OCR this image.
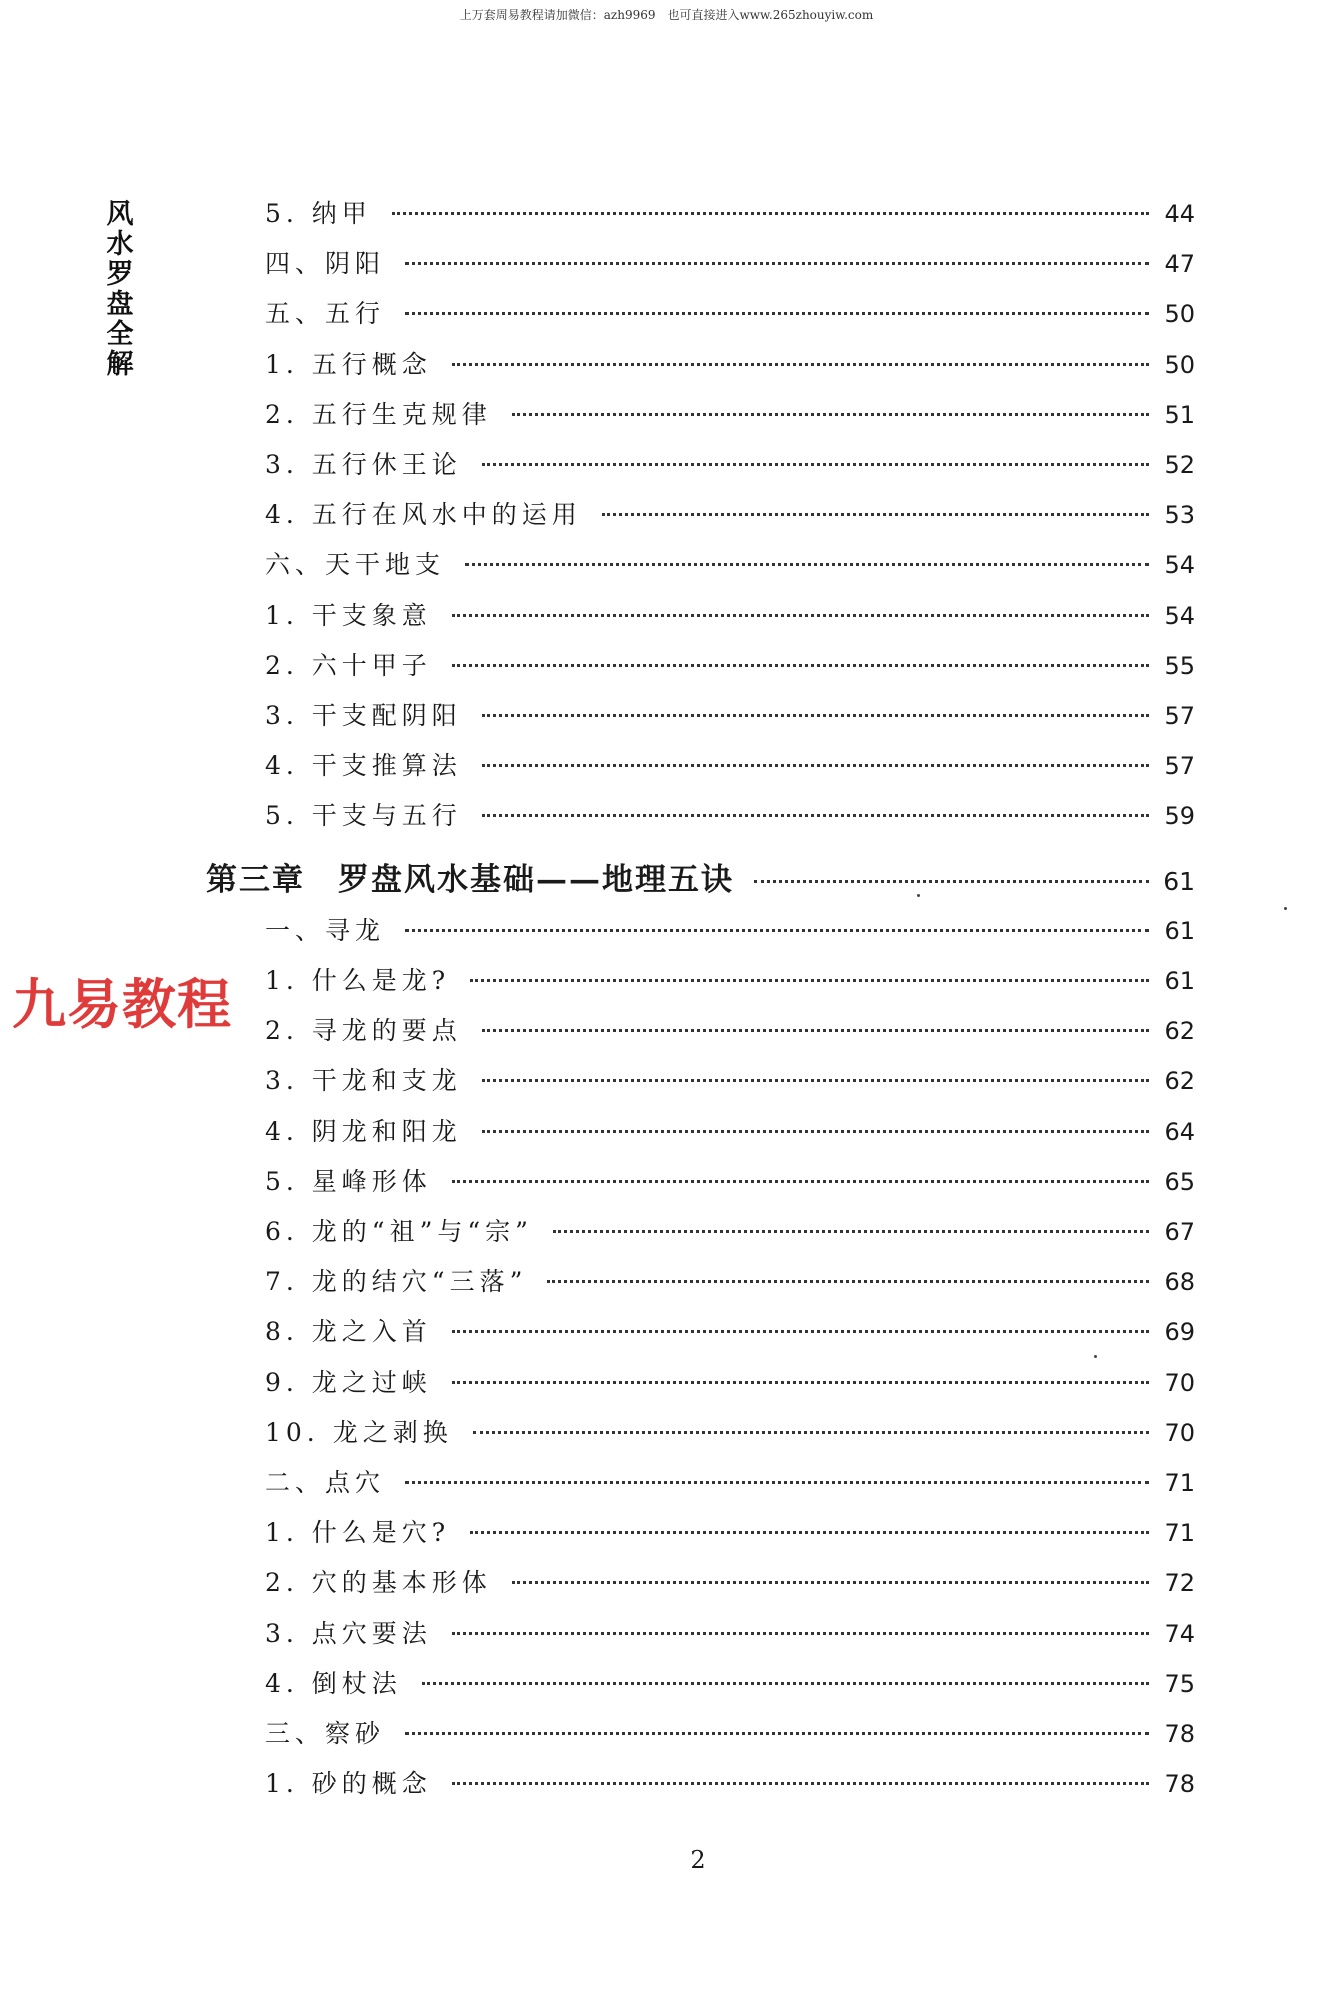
上万套周易教程请加微信：azh9969　也可直接进入www.265zhouyiw.com
风
水
罗
盘
全
解
九易教程
5. 纳甲	44
四、阴阳	47
五、五行	50
1. 五行概念	50
2. 五行生克规律	51
3. 五行休王论	52
4. 五行在风水中的运用	53
六、天干地支	54
1. 干支象意	54
2. 六十甲子	55
3. 干支配阴阳	57
4. 干支推算法	57
5. 干支与五行	59
第三章　罗盘风水基础——地理五诀	61
一、寻龙	61
1. 什么是龙?	61
2. 寻龙的要点	62
3. 干龙和支龙	62
4. 阴龙和阳龙	64
5. 星峰形体	65
6. 龙的“祖”与“宗”	67
7. 龙的结穴“三落”	68
8. 龙之入首	69
9. 龙之过峡	70
10. 龙之剥换	70
二、点穴	71
1. 什么是穴?	71
2. 穴的基本形体	72
3. 点穴要法	74
4. 倒杖法	75
三、察砂	78
1. 砂的概念	78
2
